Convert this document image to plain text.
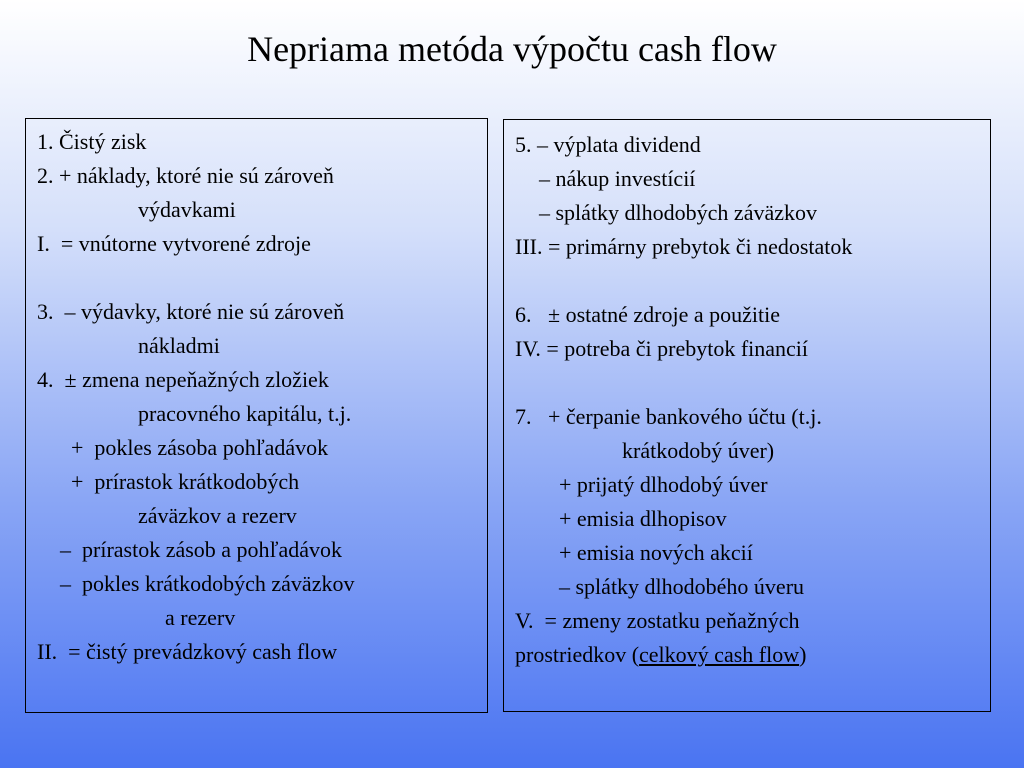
Nepriama metóda výpočtu cash flow
1. Čistý zisk
2. + náklady, ktoré nie sú zároveň
výdavkami
I.  = vnútorne vytvorené zdroje
3.  – výdavky, ktoré nie sú zároveň
nákladmi
4.  ± zmena nepeňažných zložiek
pracovného kapitálu, t.j.
+  pokles zásoba pohľadávok
+  prírastok krátkodobých
záväzkov a rezerv
–  prírastok zásob a pohľadávok
–  pokles krátkodobých záväzkov
a rezerv
II.  = čistý prevádzkový cash flow
5. – výplata dividend
– nákup investícií
– splátky dlhodobých záväzkov
III. = primárny prebytok či nedostatok
6.   ± ostatné zdroje a použitie
IV. = potreba či prebytok financií
7.   + čerpanie bankového účtu (t.j.
krátkodobý úver)
+ prijatý dlhodobý úver
+ emisia dlhopisov
+ emisia nových akcií
– splátky dlhodobého úveru
V.  = zmeny zostatku peňažných
prostriedkov (celkový cash flow)
